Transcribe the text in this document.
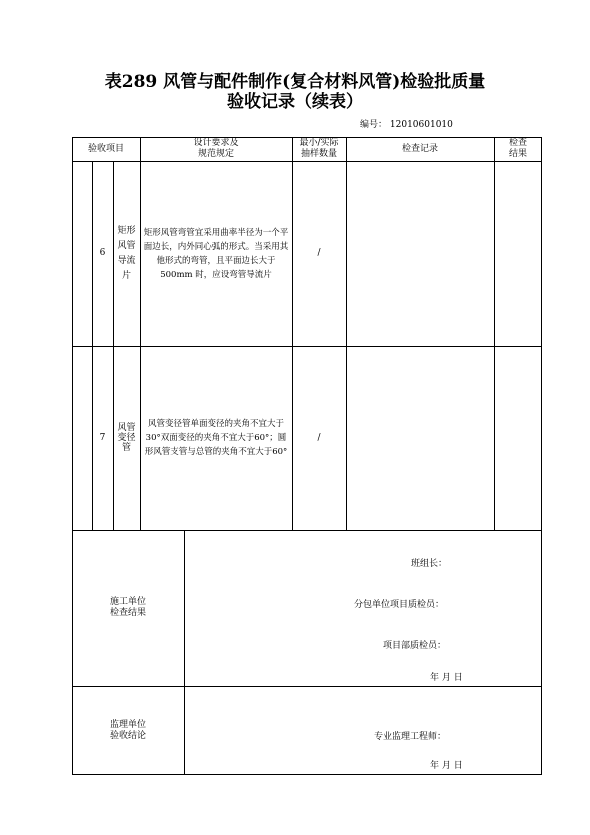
表289 风管与配件制作(复合材料风管)检验批质量
验收记录（续表）
编号： 12010601010
验收项目
设计要求及
规范规定
最小/实际
抽样数量
检查记录
检查
结果
6
矩形
风管
导流
片
矩形风管弯管宜采用曲率半径为一个平面边长，内外同心弧的形式。当采用其他形式的弯管，且平面边长大于500mm 时，应设弯管导流片
/
7
风管
变径
管
风管变径管单面变径的夹角不宜大于30°双面变径的夹角不宜大于60°；圆形风管支管与总管的夹角不宜大于60°
/
施工单位
检查结果
班组长：
分包单位项目质检员：
项目部质检员：
年 月 日
监理单位
验收结论	专业监理工程师：
年 月 日
